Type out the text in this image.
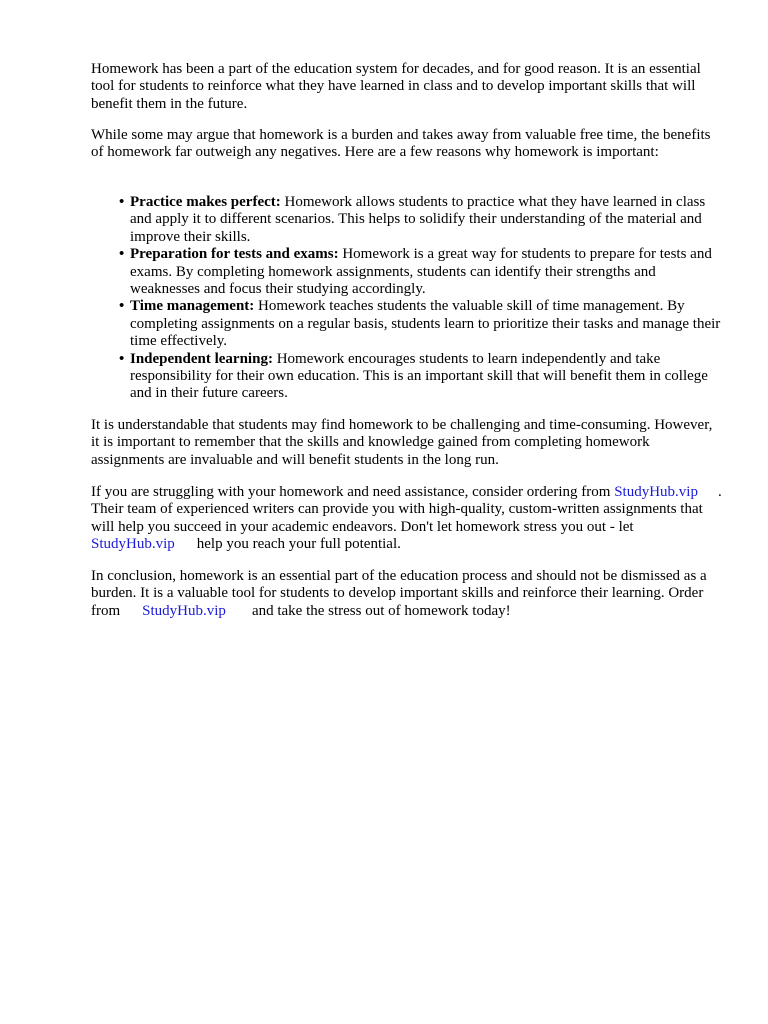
Homework has been a part of the education system for decades, and for good reason. It is an essential tool for students to reinforce what they have learned in class and to develop important skills that will benefit them in the future.

While some may argue that homework is a burden and takes away from valuable free time, the benefits of homework far outweigh any negatives. Here are a few reasons why homework is important:

• Practice makes perfect: Homework allows students to practice what they have learned in class and apply it to different scenarios. This helps to solidify their understanding of the material and improve their skills.
• Preparation for tests and exams: Homework is a great way for students to prepare for tests and exams. By completing homework assignments, students can identify their strengths and weaknesses and focus their studying accordingly.
• Time management: Homework teaches students the valuable skill of time management. By completing assignments on a regular basis, students learn to prioritize their tasks and manage their time effectively.
• Independent learning: Homework encourages students to learn independently and take responsibility for their own education. This is an important skill that will benefit them in college and in their future careers.

It is understandable that students may find homework to be challenging and time-consuming. However, it is important to remember that the skills and knowledge gained from completing homework assignments are invaluable and will benefit students in the long run.

If you are struggling with your homework and need assistance, consider ordering from StudyHub.vip . Their team of experienced writers can provide you with high-quality, custom-written assignments that will help you succeed in your academic endeavors. Don't let homework stress you out - letStudyHub.vip help you reach your full potential.

In conclusion, homework is an essential part of the education process and should not be dismissed as a burden. It is a valuable tool for students to develop important skills and reinforce their learning. Order from StudyHub.vip and take the stress out of homework today!
